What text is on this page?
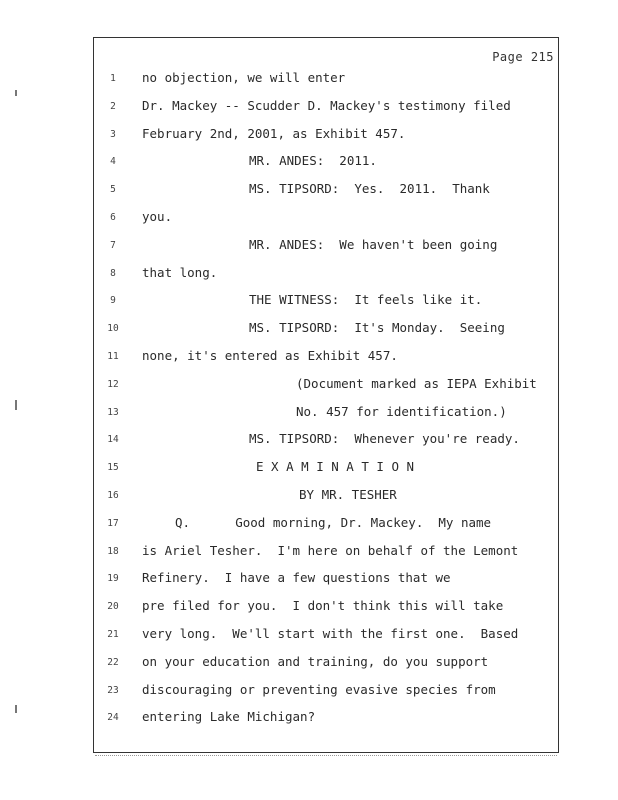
Page 215
1	no objection, we will enter
2	Dr. Mackey -- Scudder D. Mackey's testimony filed
3	February 2nd, 2001, as Exhibit 457.
4	MR. ANDES:  2011.
5	MS. TIPSORD:  Yes.  2011.  Thank
6	you.
7	MR. ANDES:  We haven't been going
8	that long.
9	THE WITNESS:  It feels like it.
10	MS. TIPSORD:  It's Monday.  Seeing
11	none, it's entered as Exhibit 457.
12	(Document marked as IEPA Exhibit
13	No. 457 for identification.)
14	MS. TIPSORD:  Whenever you're ready.
15	E X A M I N A T I O N
16	BY MR. TESHER
17	Q.      Good morning, Dr. Mackey.  My name
18	is Ariel Tesher.  I'm here on behalf of the Lemont
19	Refinery.  I have a few questions that we
20	pre filed for you.  I don't think this will take
21	very long.  We'll start with the first one.  Based
22	on your education and training, do you support
23	discouraging or preventing evasive species from
24	entering Lake Michigan?
